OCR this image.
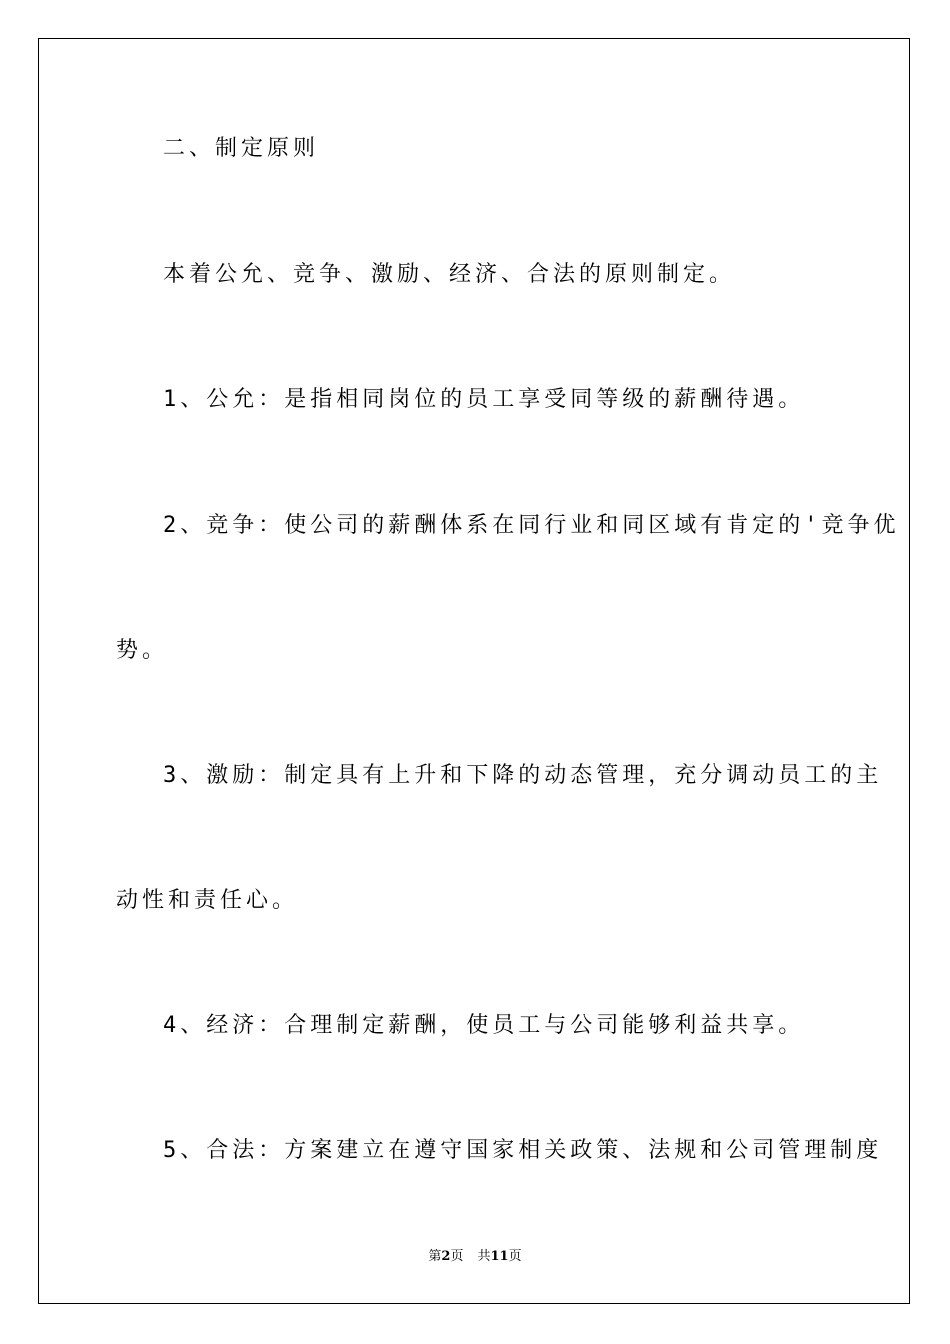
二、制定原则
本着公允、竞争、激励、经济、合法的原则制定。
1、公允：是指相同岗位的员工享受同等级的薪酬待遇。
2、竞争：使公司的薪酬体系在同行业和同区域有肯定的'竞争优
势。
3、激励：制定具有上升和下降的动态管理，充分调动员工的主
动性和责任心。
4、经济：合理制定薪酬，使员工与公司能够利益共享。
5、合法：方案建立在遵守国家相关政策、法规和公司管理制度
第2页 共11页
